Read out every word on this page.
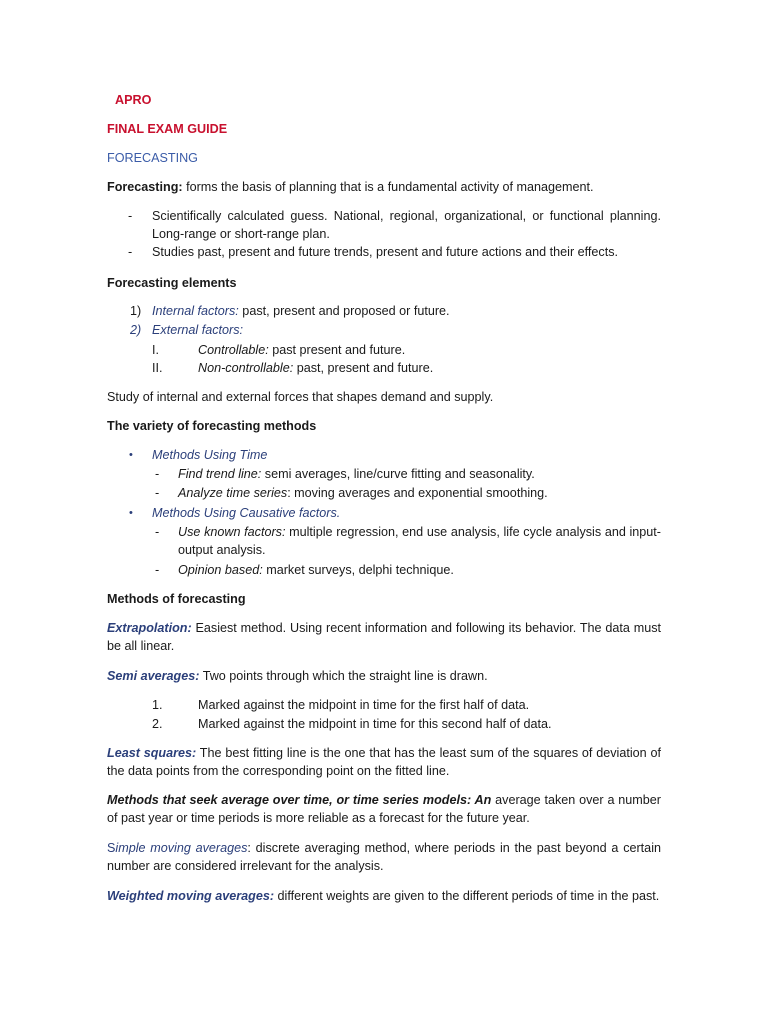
APRO
FINAL EXAM GUIDE
FORECASTING
Forecasting: forms the basis of planning that is a fundamental activity of management.
- Scientifically calculated guess. National, regional, organizational, or functional planning. Long-range or short-range plan.
- Studies past, present and future trends, present and future actions and their effects.
Forecasting elements
1) Internal factors: past, present and proposed or future.
2) External factors:
I.	Controllable: past present and future.
II.	Non-controllable: past, present and future.
Study of internal and external forces that shapes demand and supply.
The variety of forecasting methods
• Methods Using Time
- Find trend line: semi averages, line/curve fitting and seasonality.
- Analyze time series: moving averages and exponential smoothing.
• Methods Using Causative factors.
- Use known factors: multiple regression, end use analysis, life cycle analysis and input-output analysis.
- Opinion based: market surveys, delphi technique.
Methods of forecasting
Extrapolation: Easiest method. Using recent information and following its behavior. The data must be all linear.
Semi averages: Two points through which the straight line is drawn.
1.	Marked against the midpoint in time for the first half of data.
2.	Marked against the midpoint in time for this second half of data.
Least squares: The best fitting line is the one that has the least sum of the squares of deviation of the data points from the corresponding point on the fitted line.
Methods that seek average over time, or time series models: An average taken over a number of past year or time periods is more reliable as a forecast for the future year.
Simple moving averages: discrete averaging method, where periods in the past beyond a certain number are considered irrelevant for the analysis.
Weighted moving averages: different weights are given to the different periods of time in the past.
